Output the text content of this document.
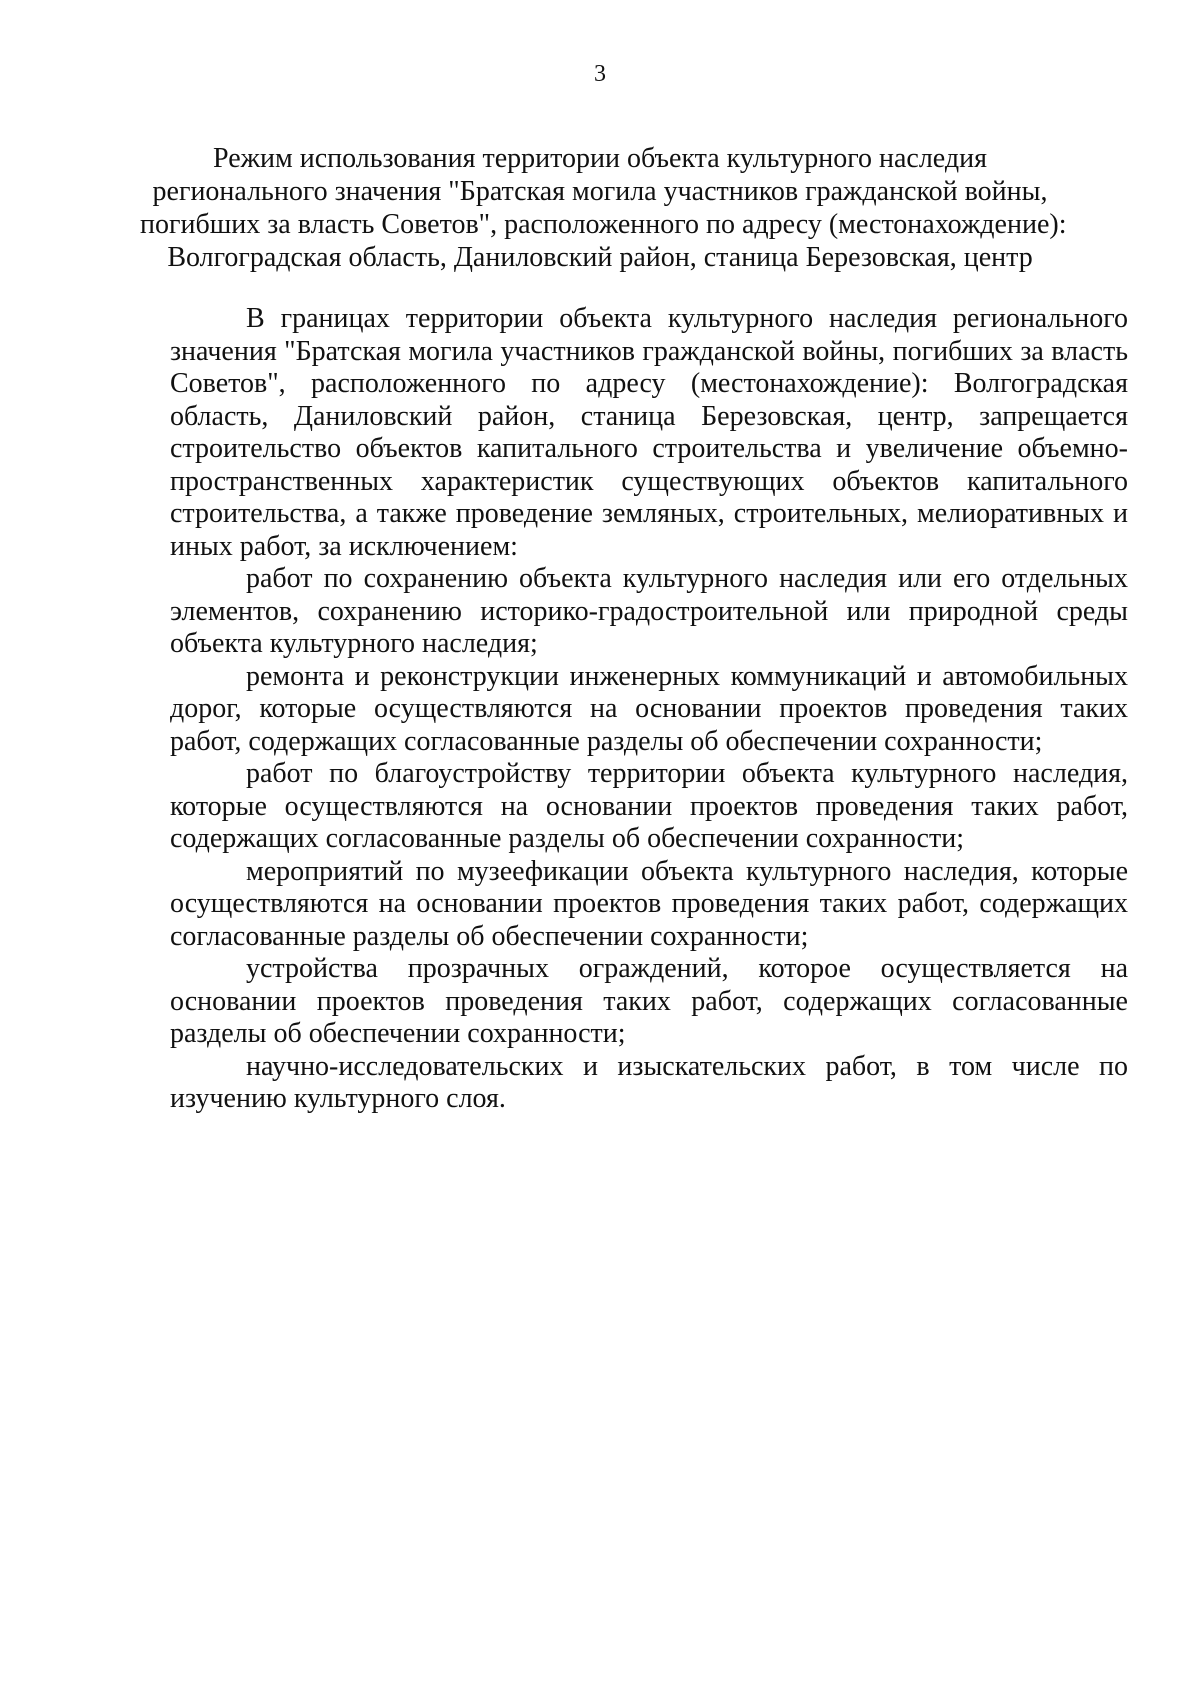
3
Режим использования территории объекта культурного наследия
регионального значения "Братская могила участников гражданской войны,
погибших за власть Советов", расположенного по адресу (местонахождение):
Волгоградская область, Даниловский район, станица Березовская, центр

В границах территории объекта культурного наследия регионального значения "Братская могила участников гражданской войны, погибших за власть Советов", расположенного по адресу (местонахождение): Волгоградская область, Даниловский район, станица Березовская, центр, запрещается строительство объектов капитального строительства и увеличение объемно-пространственных характеристик существующих объектов капитального строительства, а также проведение земляных, строительных, мелиоративных и иных работ, за исключением:

работ по сохранению объекта культурного наследия или его отдельных элементов, сохранению историко-градостроительной или природной среды объекта культурного наследия;

ремонта и реконструкции инженерных коммуникаций и автомобильных дорог, которые осуществляются на основании проектов проведения таких работ, содержащих согласованные разделы об обеспечении сохранности;

работ по благоустройству территории объекта культурного наследия, которые осуществляются на основании проектов проведения таких работ, содержащих согласованные разделы об обеспечении сохранности;

мероприятий по музеефикации объекта культурного наследия, которые осуществляются на основании проектов проведения таких работ, содержащих согласованные разделы об обеспечении сохранности;

устройства прозрачных ограждений, которое осуществляется на основании проектов проведения таких работ, содержащих согласованные разделы об обеспечении сохранности;

научно-исследовательских и изыскательских работ, в том числе по изучению культурного слоя.
